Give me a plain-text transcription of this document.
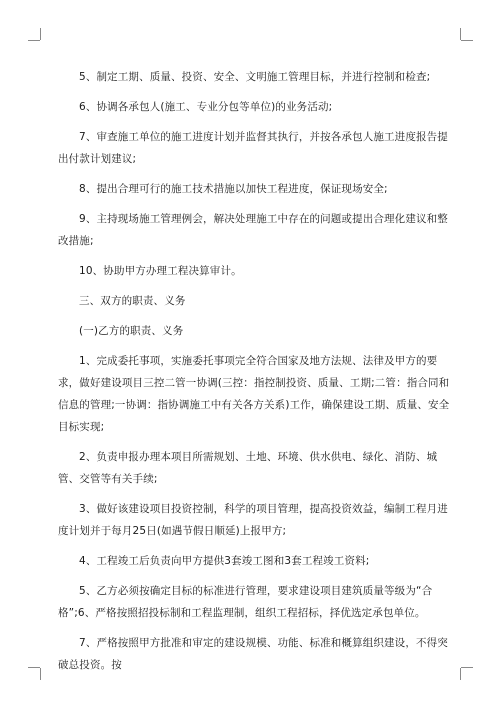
5、制定工期、质量、投资、安全、文明施工管理目标，并进行控制和检查;

6、协调各承包人(施工、专业分包等单位)的业务活动;

7、审查施工单位的施工进度计划并监督其执行，并按各承包人施工进度报告提出付款计划建议;

8、提出合理可行的施工技术措施以加快工程进度，保证现场安全;

9、主持现场施工管理例会，解决处理施工中存在的问题或提出合理化建议和整改措施;

10、协助甲方办理工程决算审计。

三、双方的职责、义务

(一)乙方的职责、义务

1、完成委托事项，实施委托事项完全符合国家及地方法规、法律及甲方的要求，做好建设项目三控二管一协调(三控：指控制投资、质量、工期;二管：指合同和信息的管理;一协调：指协调施工中有关各方关系)工作，确保建设工期、质量、安全目标实现;

2、负责申报办理本项目所需规划、土地、环境、供水供电、绿化、消防、城管、交管等有关手续;

3、做好该建设项目投资控制，科学的项目管理，提高投资效益，编制工程月进度计划并于每月25日(如遇节假日顺延)上报甲方;

4、工程竣工后负责向甲方提供3套竣工图和3套工程竣工资料;

5、乙方必须按确定目标的标准进行管理，要求建设项目建筑质量等级为“合格”;6、严格按照招投标制和工程监理制，组织工程招标，择优选定承包单位。

7、严格按照甲方批准和审定的建设规模、功能、标准和概算组织建设，不得突破总投资。按
